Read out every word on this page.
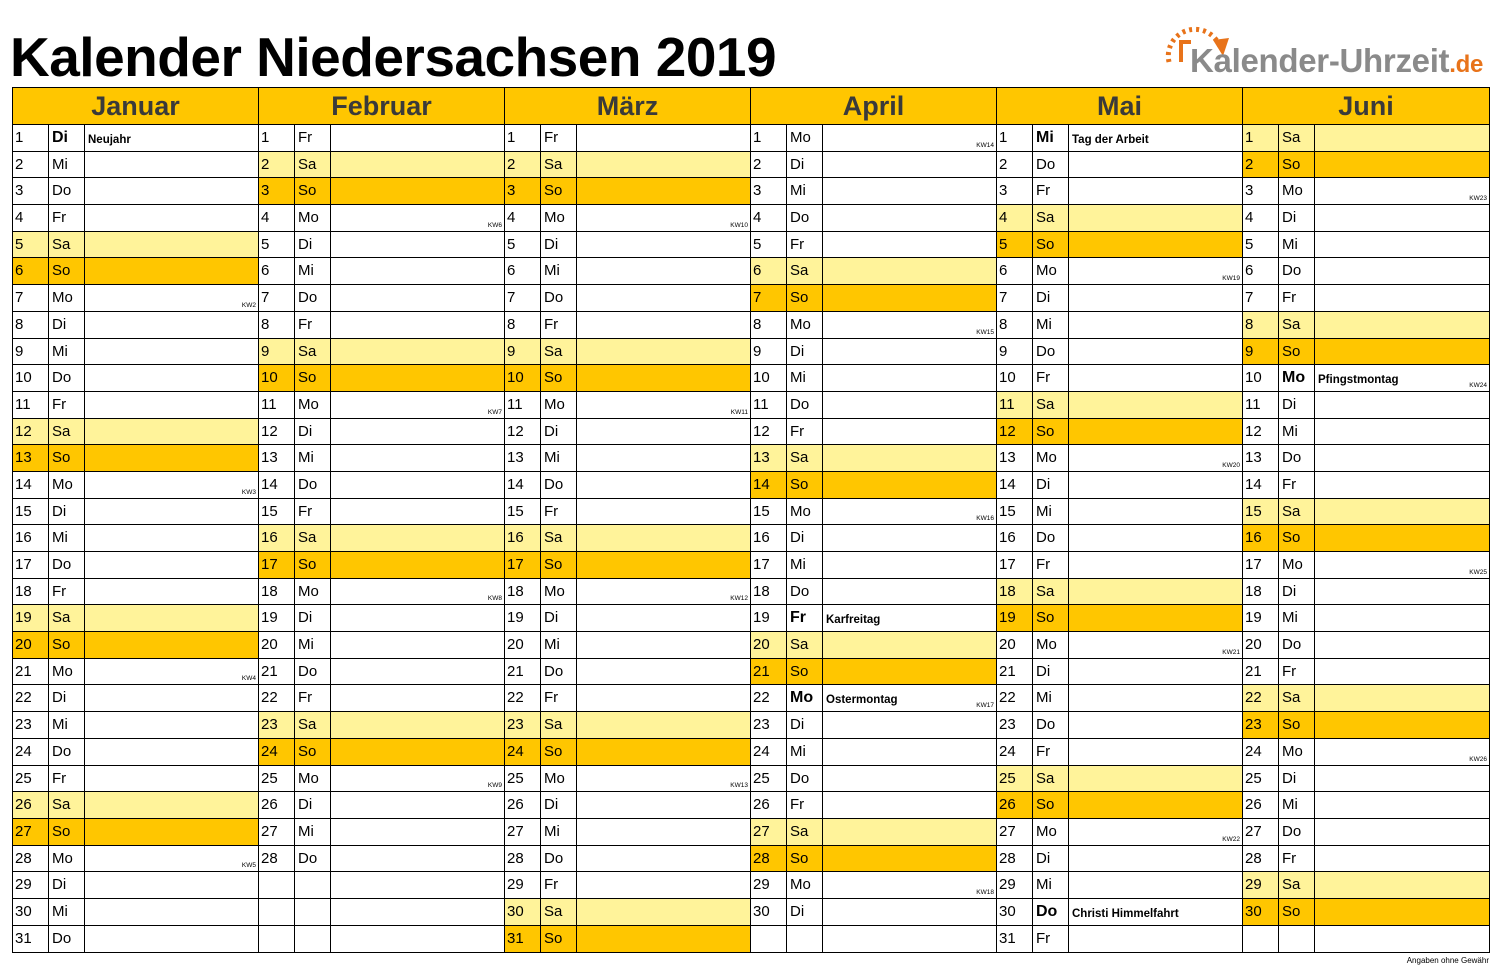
Kalender Niedersachsen 2019	Kalender-Uhrzeit.de
Januar
1	Di	Neujahr
2	Mi
3	Do
4	Fr
5	Sa
6	So
7	Mo	KW2
8	Di
9	Mi
10	Do
11	Fr
12	Sa
13	So
14	Mo	KW3
15	Di
16	Mi
17	Do
18	Fr
19	Sa
20	So
21	Mo	KW4
22	Di
23	Mi
24	Do
25	Fr
26	Sa
27	So
28	Mo	KW5
29	Di
30	Mi
31	Do
Februar
1	Fr
2	Sa
3	So
4	Mo	KW6
5	Di
6	Mi
7	Do
8	Fr
9	Sa
10	So
11	Mo	KW7
12	Di
13	Mi
14	Do
15	Fr
16	Sa
17	So
18	Mo	KW8
19	Di
20	Mi
21	Do
22	Fr
23	Sa
24	So
25	Mo	KW9
26	Di
27	Mi
28	Do
März
1	Fr
2	Sa
3	So
4	Mo	KW10
5	Di
6	Mi
7	Do
8	Fr
9	Sa
10	So
11	Mo	KW11
12	Di
13	Mi
14	Do
15	Fr
16	Sa
17	So
18	Mo	KW12
19	Di
20	Mi
21	Do
22	Fr
23	Sa
24	So
25	Mo	KW13
26	Di
27	Mi
28	Do
29	Fr
30	Sa
31	So
April
1	Mo	KW14
2	Di
3	Mi
4	Do
5	Fr
6	Sa
7	So
8	Mo	KW15
9	Di
10	Mi
11	Do
12	Fr
13	Sa
14	So
15	Mo	KW16
16	Di
17	Mi
18	Do
19	Fr	Karfreitag
20	Sa
21	So
22	Mo	Ostermontag	KW17
23	Di
24	Mi
25	Do
26	Fr
27	Sa
28	So
29	Mo	KW18
30	Di
Mai
1	Mi	Tag der Arbeit
2	Do
3	Fr
4	Sa
5	So
6	Mo	KW19
7	Di
8	Mi
9	Do
10	Fr
11	Sa
12	So
13	Mo	KW20
14	Di
15	Mi
16	Do
17	Fr
18	Sa
19	So
20	Mo	KW21
21	Di
22	Mi
23	Do
24	Fr
25	Sa
26	So
27	Mo	KW22
28	Di
29	Mi
30	Do	Christi Himmelfahrt
31	Fr
Juni
1	Sa
2	So
3	Mo	KW23
4	Di
5	Mi
6	Do
7	Fr
8	Sa
9	So
10	Mo	Pfingstmontag	KW24
11	Di
12	Mi
13	Do
14	Fr
15	Sa
16	So
17	Mo	KW25
18	Di
19	Mi
20	Do
21	Fr
22	Sa
23	So
24	Mo	KW26
25	Di
26	Mi
27	Do
28	Fr
29	Sa
30	So
Angaben ohne Gewähr
